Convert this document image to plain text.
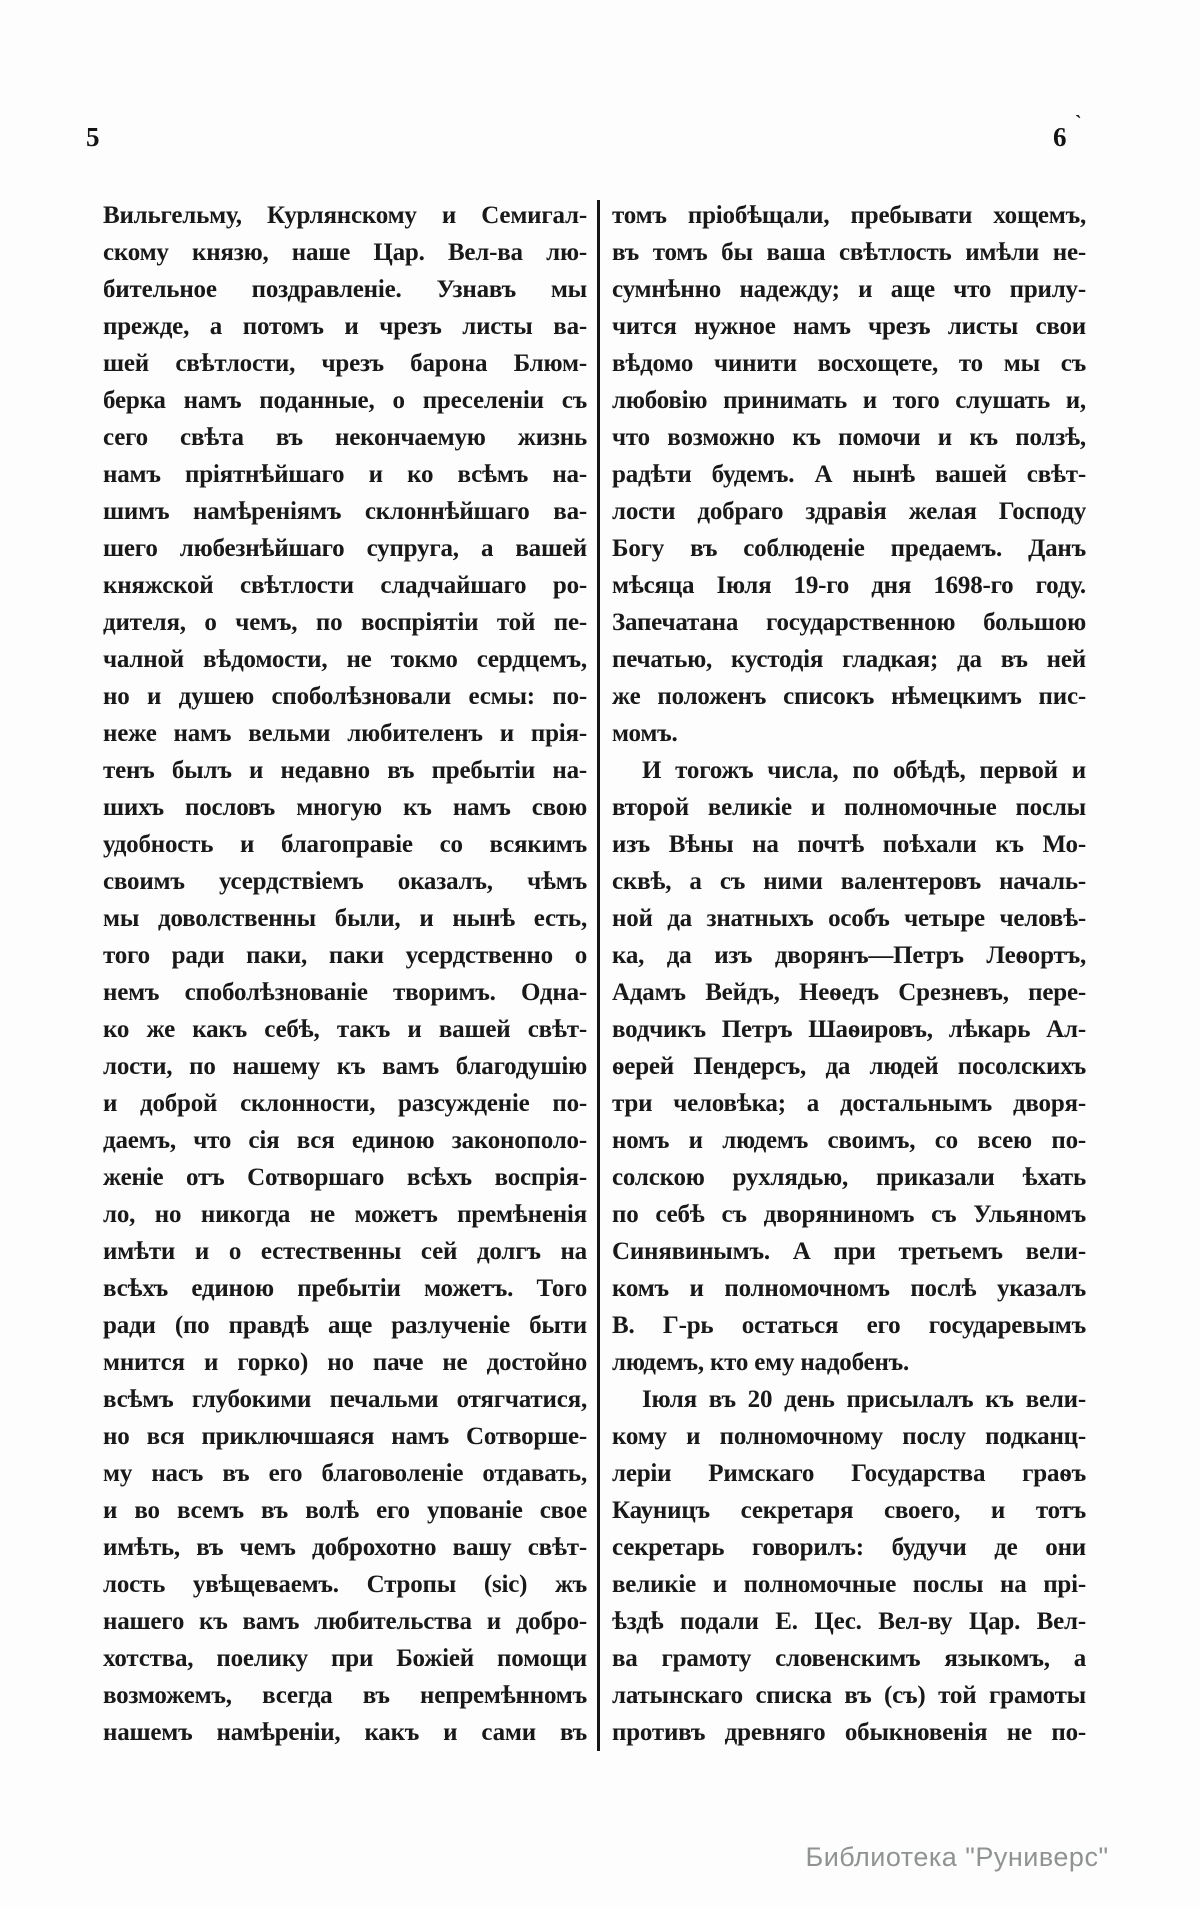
5	6 ˋ
Вильгельму, Курлянскому и Семигал-
скому князю, наше Цар. Вел-ва лю-
бительное поздравленіе. Узнавъ мы
прежде, а потомъ и чрезъ листы ва-
шей свѣтлости, чрезъ барона Блюм-
берка намъ поданные, о преселеніи съ
сего свѣта въ некончаемую жизнь
намъ пріятнѣйшаго и ко всѣмъ на-
шимъ намѣреніямъ склоннѣйшаго ва-
шего любезнѣйшаго супруга, а вашей
княжской свѣтлости сладчайшаго ро-
дителя, о чемъ, по воспріятіи той пе-
чалной вѣдомости, не токмо сердцемъ,
но и душею споболѣзновали есмы: по-
неже намъ вельми любителенъ и прія-
тенъ былъ и недавно въ пребытіи на-
шихъ пословъ многую къ намъ свою
удобность и благоправіе со всякимъ
своимъ усердствіемъ оказалъ, чѣмъ
мы доволственны были, и нынѣ есть,
того ради паки, паки усердственно о
немъ споболѣзнованіе творимъ. Одна-
ко же какъ себѣ, такъ и вашей свѣт-
лости, по нашему къ вамъ благодушію
и доброй склонности, разсужденіе по-
даемъ, что сія вся единою законополо-
женіе отъ Сотворшаго всѣхъ воспрія-
ло, но никогда не можетъ премѣненія
имѣти и о естественны сей долгъ на
всѣхъ единою пребытіи можетъ. Того
ради (по правдѣ аще разлученіе быти
мнится и горко) но паче не достойно
всѣмъ глубокими печальми отягчатися,
но вся приключшаяся намъ Сотворше-
му насъ въ его благоволеніе отдавать,
и во всемъ въ волѣ его упованіе свое
имѣть, въ чемъ доброхотно вашу свѣт-
лость увѣщеваемъ. Стропы (sic) жъ
нашего къ вамъ любительства и добро-
хотства, поелику при Божіей помощи
возможемъ, всегда въ непремѣнномъ
нашемъ намѣреніи, какъ и сами въ
томъ пріобѣщали, пребывати хощемъ,
въ томъ бы ваша свѣтлость имѣли не-
сумнѣнно надежду; и аще что прилу-
чится нужное намъ чрезъ листы свои
вѣдомо чинити восхощете, то мы съ
любовію принимать и того слушать и,
что возможно къ помочи и къ ползѣ,
радѣти будемъ. А нынѣ вашей свѣт-
лости добраго здравія желая Господу
Богу въ соблюденіе предаемъ. Данъ
мѣсяца Іюля 19-го дня 1698-го году.
Запечатана государственною большою
печатью, кустодія гладкая; да въ ней
же положенъ списокъ нѣмецкимъ пис-
момъ.
И тогожъ числа, по обѣдѣ, первой и
второй великіе и полномочные послы
изъ Вѣны на почтѣ поѣхали къ Мо-
сквѣ, а съ ними валентеровъ началь-
ной да знатныхъ особъ четыре человѣ-
ка, да изъ дворянъ—Петръ Леѳортъ,
Адамъ Вейдъ, Неѳедъ Срезневъ, пере-
водчикъ Петръ Шаѳировъ, лѣкарь Ал-
ѳерей Пендерсъ, да людей посолскихъ
три человѣка; а достальнымъ дворя-
номъ и людемъ своимъ, со всею по-
солскою рухлядью, приказали ѣхать
по себѣ съ дворяниномъ съ Ульяномъ
Синявинымъ. А при третьемъ вели-
комъ и полномочномъ послѣ указалъ
В. Г-рь остаться его государевымъ
людемъ, кто ему надобенъ.
Іюля въ 20 день присылалъ къ вели-
кому и полномочному послу подканц-
леріи Римскаго Государства граѳъ
Кауницъ секретаря своего, и тотъ
секретарь говорилъ: будучи де они
великіе и полномочные послы на прі-
ѣздѣ подали Е. Цес. Вел-ву Цар. Вел-
ва грамоту словенскимъ языкомъ, а
латынскаго списка въ (съ) той грамоты
противъ древняго обыкновенія не по-
Библиотека "Руниверс"
